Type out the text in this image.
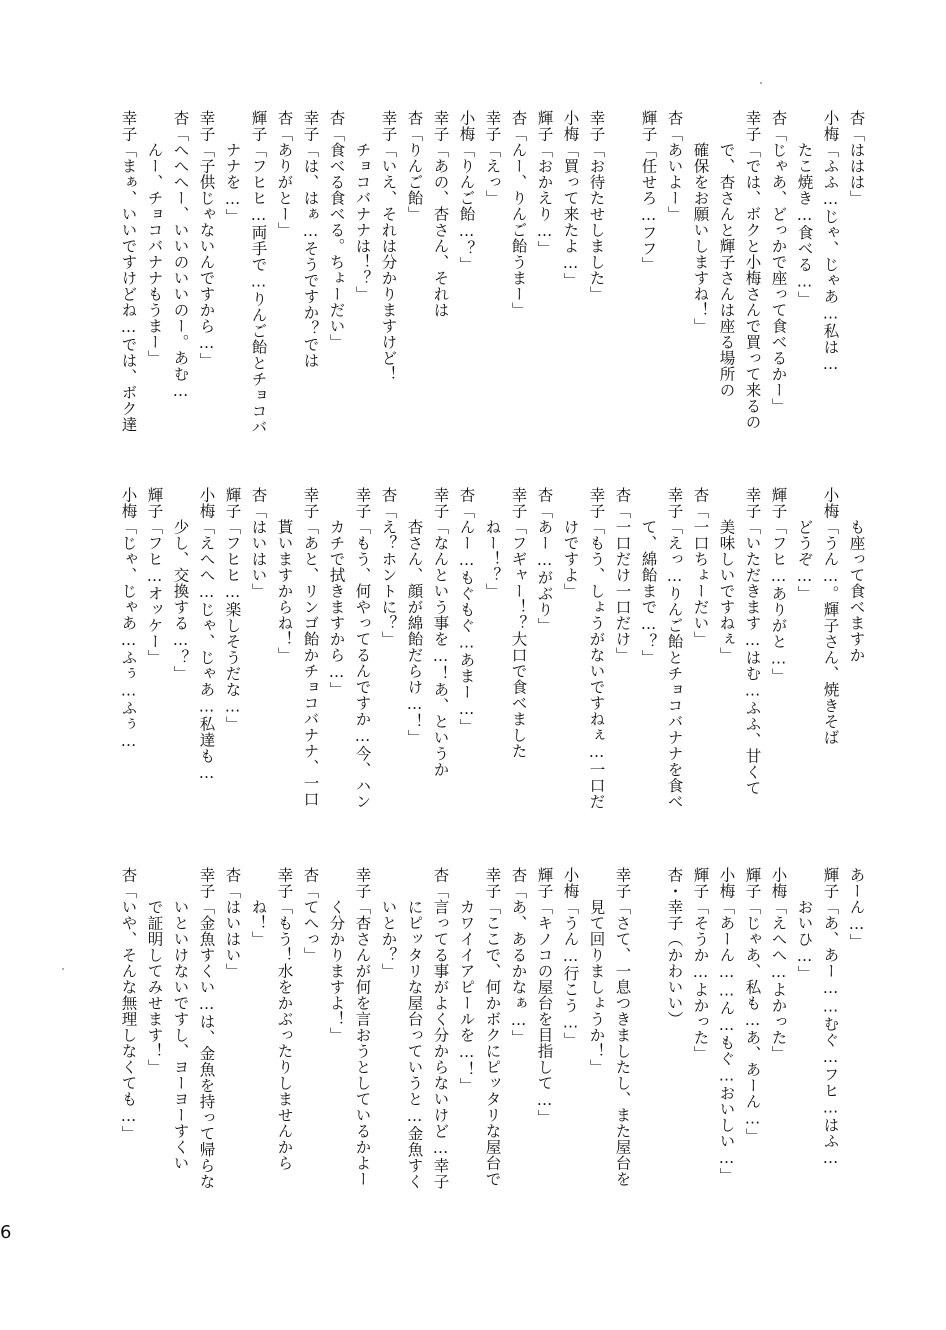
杏「ははは」
小梅「ふふ…じゃ、じゃあ…私は…
　　たこ焼き…食べる…」
杏「じゃあ、どっかで座って食べるかー」
幸子「では、ボクと小梅さんで買って来るの
　　で、杏さんと輝子さんは座る場所の
　　確保をお願いしますね！」
杏「あいよー」
輝子「任せろ…フフ」
幸子「お待たせしました」
小梅「買って来たよ…」
輝子「おかえり…」
杏「んー、りんご飴うまー」
幸子「えっ」
小梅「りんご飴…？」
幸子「あの、杏さん、それは
杏「りんご飴」
幸子「いえ、それは分かりますけど！
　　チョコバナナは！？」
杏「食べる食べる。ちょーだい」
幸子「は、はぁ…そうですか？では
杏「ありがとー」
輝子「フヒヒ…両手で…りんご飴とチョコバ
　　ナナを…」
幸子「子供じゃないんですから…」
杏「へへへー、いいのいいのー。あむ…
　　んー、チョコバナナもうまー」
幸子「まぁ、いいですけどね…では、ボク達
　　も座って食べますか
小梅「うん…。輝子さん、焼きそば
　　どうぞ…」
輝子「フヒ…ありがと…」
幸子「いただきます…はむ…ふふ、甘くて
　　美味しいですねぇ」
杏「一口ちょーだい」
幸子「えっ…りんご飴とチョコバナナを食べ
　　て、綿飴まで…？」
杏「一口だけ一口だけ」
幸子「もう、しょうがないですねぇ…一口だ
　　けですよ」
杏「あー…がぶり」
幸子「フギャー！？大口で食べました
　　ねー！？」
杏「んー…もぐもぐ…あまー…」
幸子「なんという事を…！あ、というか
　　杏さん、顔が綿飴だらけ…！」
杏「え？ホントに？」
幸子「もう、何やってるんですか…今、ハン
　　カチで拭きますから…」
幸子「あと、リンゴ飴かチョコバナナ、一口
　　貰いますからね！」
杏「はいはい」
輝子「フヒヒ…楽しそうだな…」
小梅「えへへ…じゃ、じゃあ…私達も…
　　少し、交換する…？」
輝子「フヒ…オッケー」
小梅「じゃ、じゃあ…ふぅ…ふぅ…
あーん…」
輝子「あ、あー……むぐ…フヒ…はふ…
　　おいひ…」
小梅「えへへ…よかった」
輝子「じゃあ、私も…あ、あーん…」
小梅「あーん……ん…もぐ…おいしい…」
輝子「そうか…よかった」
杏・幸子（かわいい）
幸子「さて、一息つきましたし、また屋台を
　　見て回りましょうか！」
小梅「うん…行こう…」
輝子「キノコの屋台を目指して…」
杏「あ、あるかなぁ…」
幸子「ここで、何かボクにピッタリな屋台で
　　カワイイアピールを…！」
杏「言ってる事がよく分からないけど…幸子
　　にピッタリな屋台っていうと…金魚すく
　　いとか？」
幸子「杏さんが何を言おうとしているかよー
　　く分かりますよ！」
杏「てへっ」
幸子「もう！水をかぶったりしませんから
　　ね！」
杏「はいはい」
幸子「金魚すくい…は、金魚を持って帰らな
　　いといけないですし、ヨーヨーすくい
　　で証明してみせます！」
杏「いや、そんな無理しなくても…」
6
